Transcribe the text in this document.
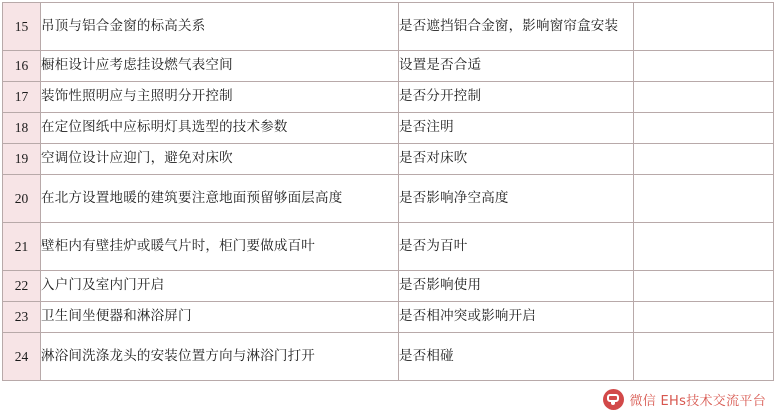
15	吊顶与铝合金窗的标高关系	是否遮挡铝合金窗，影响窗帘盒安装	
16	橱柜设计应考虑挂设燃气表空间	设置是否合适	
17	装饰性照明应与主照明分开控制	是否分开控制	
18	在定位图纸中应标明灯具选型的技术参数	是否注明	
19	空调位设计应迎门，避免对床吹	是否对床吹	
20	在北方设置地暖的建筑要注意地面预留够面层高度	是否影响净空高度	
21	壁柜内有壁挂炉或暖气片时，柜门要做成百叶	是否为百叶	
22	入户门及室内门开启	是否影响使用	
23	卫生间坐便器和淋浴屏门	是否相冲突或影响开启	
24	淋浴间洗涤龙头的安装位置方向与淋浴门打开	是否相碰	
微信 EHs技术交流平台
